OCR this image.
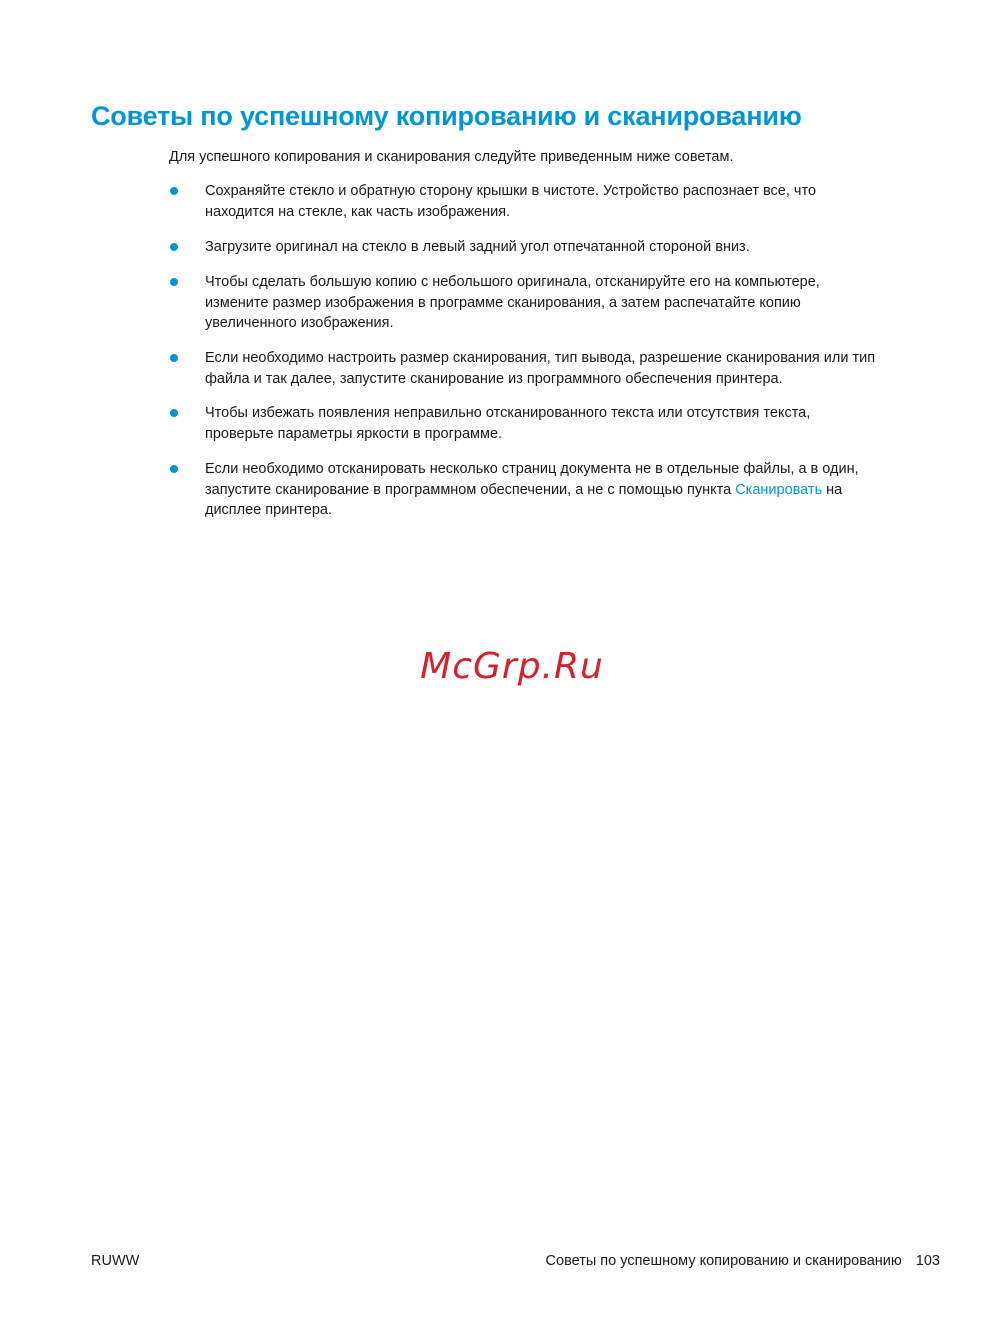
Советы по успешному копированию и сканированию

Для успешного копирования и сканирования следуйте приведенным ниже советам.

Сохраняйте стекло и обратную сторону крышки в чистоте. Устройство распознает все, что
находится на стекле, как часть изображения.
Загрузите оригинал на стекло в левый задний угол отпечатанной стороной вниз.
Чтобы сделать большую копию с небольшого оригинала, отсканируйте его на компьютере,
измените размер изображения в программе сканирования, а затем распечатайте копию
увеличенного изображения.
Если необходимо настроить размер сканирования, тип вывода, разрешение сканирования или тип
файла и так далее, запустите сканирование из программного обеспечения принтера.
Чтобы избежать появления неправильно отсканированного текста или отсутствия текста,
проверьте параметры яркости в программе.
Если необходимо отсканировать несколько страниц документа не в отдельные файлы, а в один,
запустите сканирование в программном обеспечении, а не с помощью пункта Сканировать на
дисплее принтера.

McGrp.Ru

RUWW	Советы по успешному копированию и сканированию 103
